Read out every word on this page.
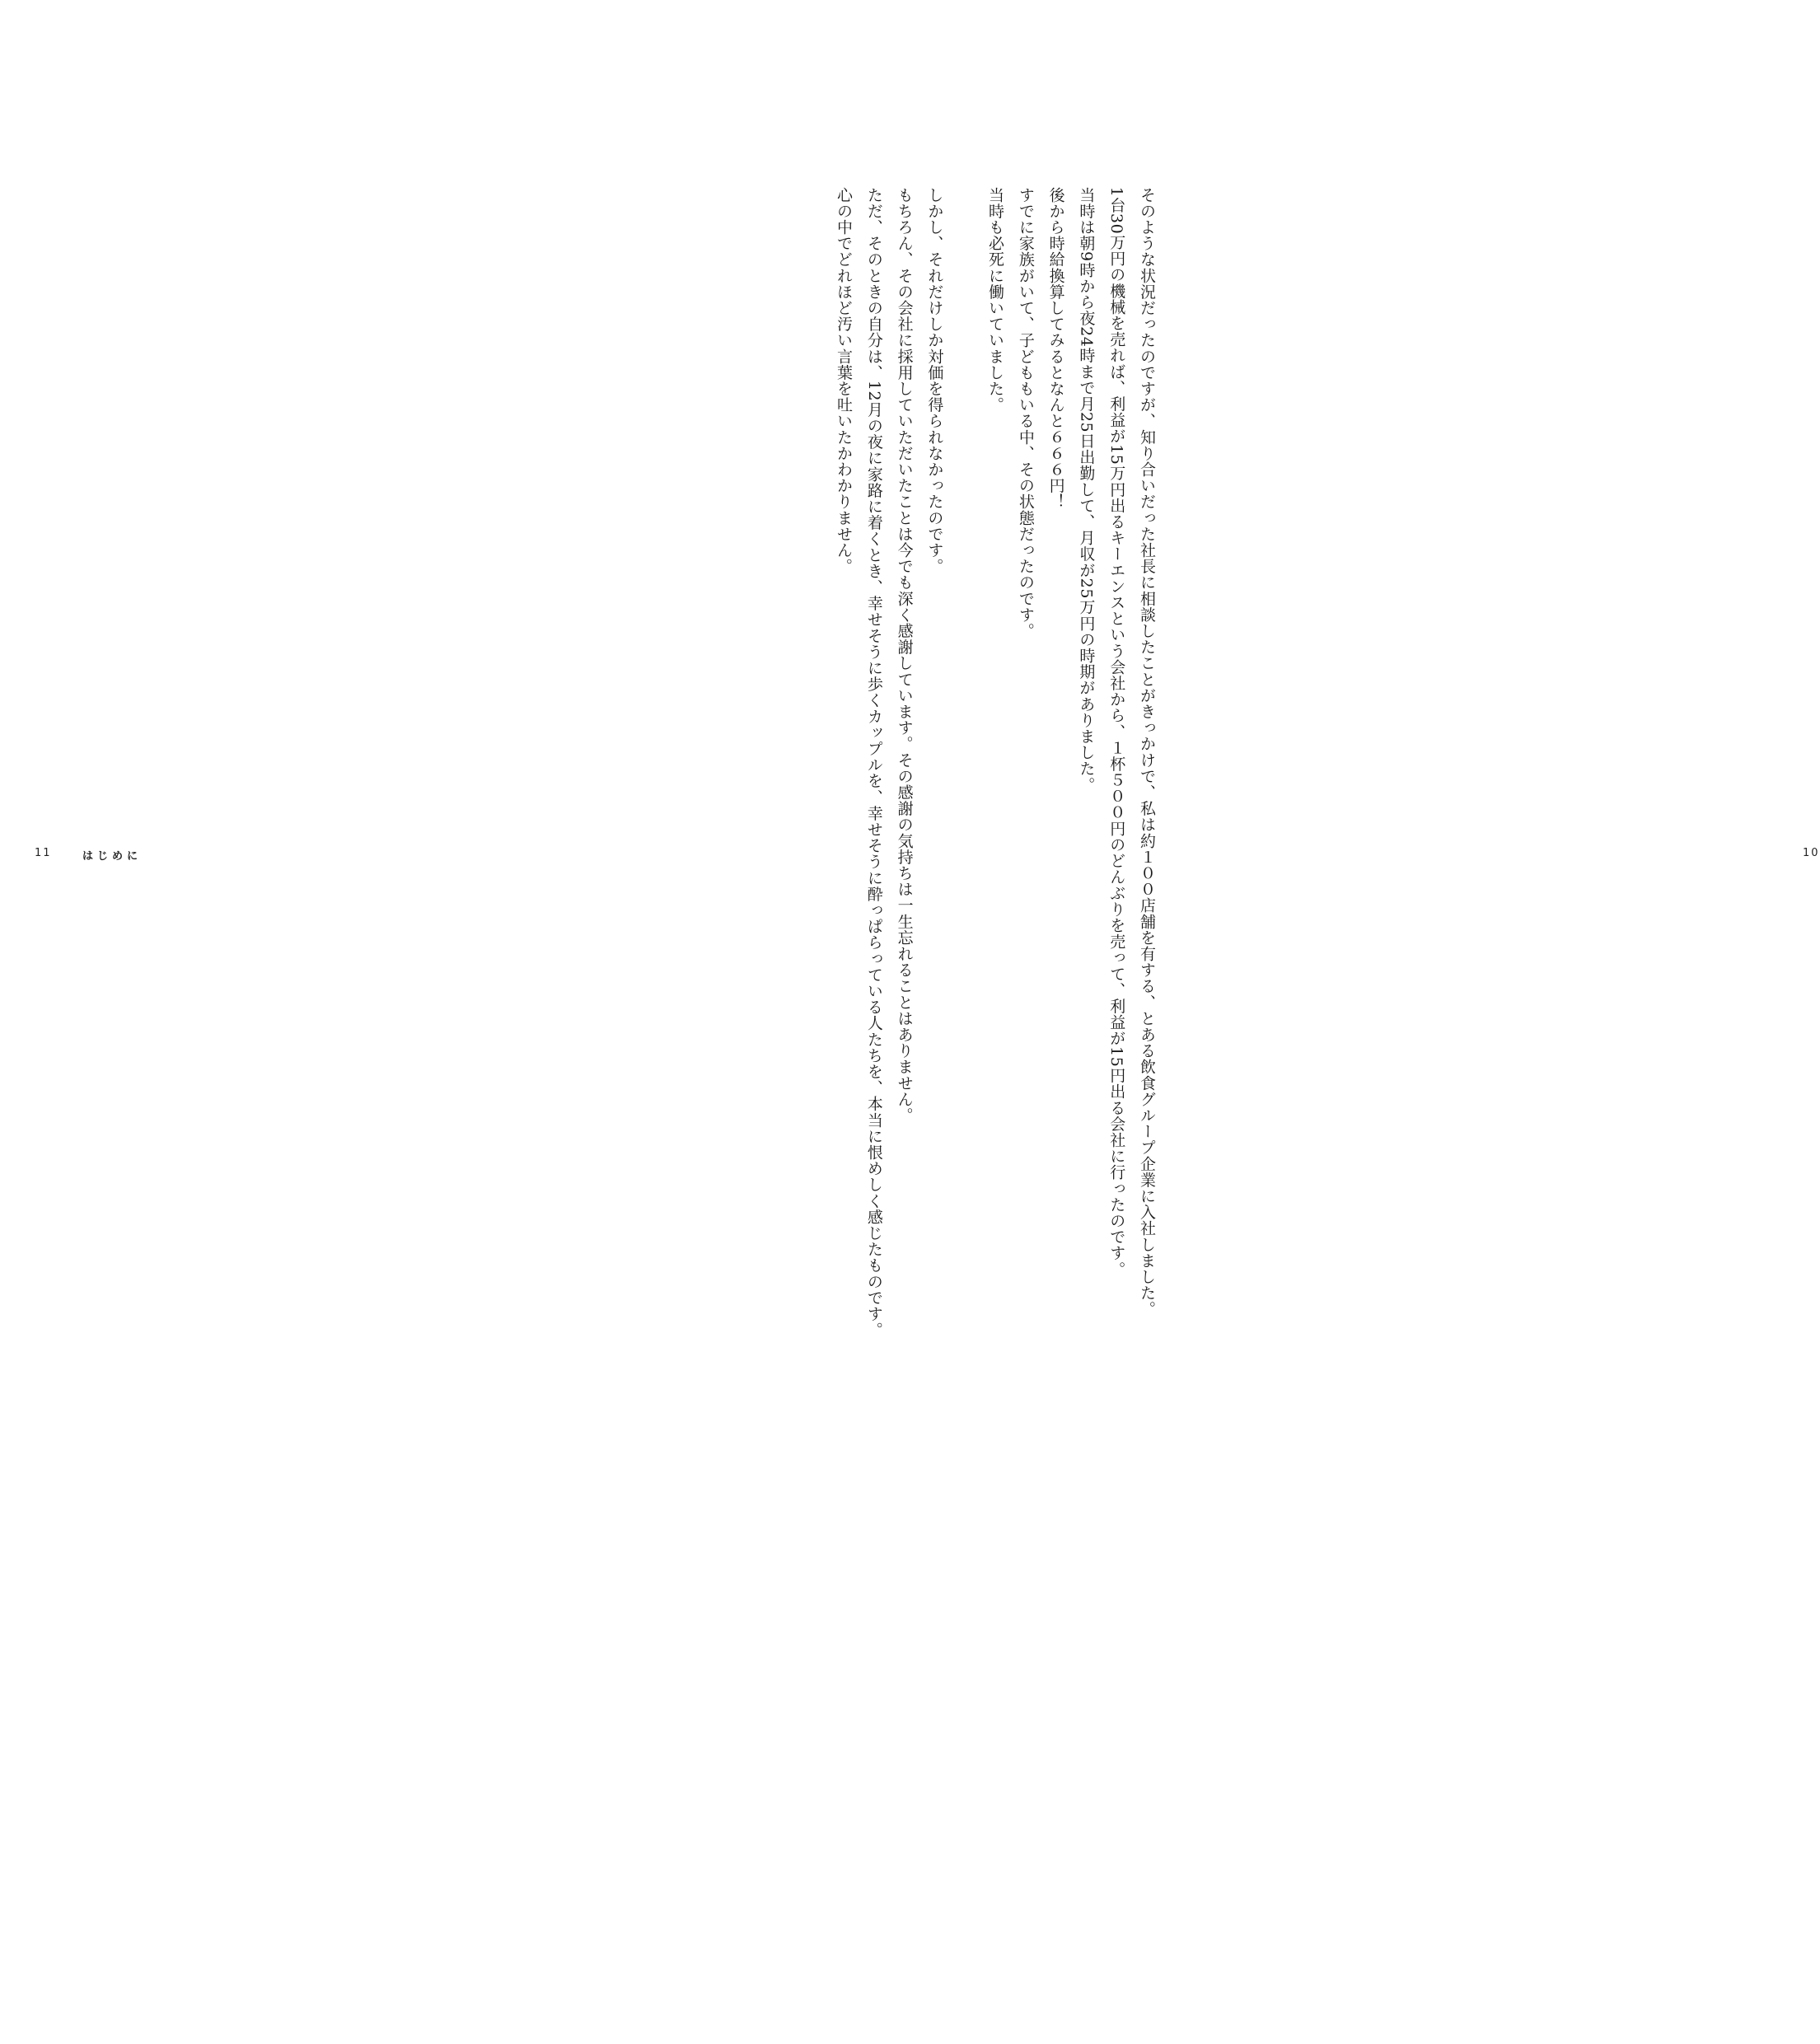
11	はじめに	　そのような状況だったのですが、知り合いだった社長に相談したことがきっかけで、私は約１００店舗を有する、とある飲食グループ企業に入社しました。
　1台30万円の機械を売れば、利益が15万円出るキーエンスという会社から、１杯５００円のどんぶりを売って、利益が15円出る会社に行ったのです。
　当時は朝9時から夜24時まで月25日出勤して、月収が25万円の時期がありました。
　後から時給換算してみるとなんと６６６円！
　すでに家族がいて、子どももいる中、その状態だったのです。
　当時も必死に働いていました。
　しかし、それだけしか対価を得られなかったのです。
　もちろん、その会社に採用していただいたことは今でも深く感謝しています。その感謝の気持ちは一生忘れることはありません。
　ただ、そのときの自分は、12月の夜に家路に着くとき、幸せそうに歩くカップルを、幸せそうに酔っぱらっている人たちを、本当に恨めしく感じたものです。
　心の中でどれほど汚い言葉を吐いたかわかりません。
10
